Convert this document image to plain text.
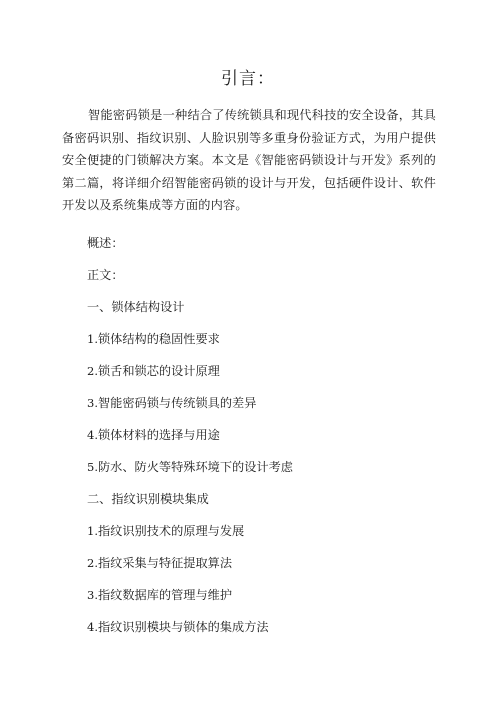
引言：

智能密码锁是一种结合了传统锁具和现代科技的安全设备，其具备密码识别、指纹识别、人脸识别等多重身份验证方式，为用户提供安全便捷的门锁解决方案。本文是《智能密码锁设计与开发》系列的第二篇，将详细介绍智能密码锁的设计与开发，包括硬件设计、软件开发以及系统集成等方面的内容。

概述：
正文：
一、锁体结构设计
1.锁体结构的稳固性要求
2.锁舌和锁芯的设计原理
3.智能密码锁与传统锁具的差异
4.锁体材料的选择与用途
5.防水、防火等特殊环境下的设计考虑
二、指纹识别模块集成
1.指纹识别技术的原理与发展
2.指纹采集与特征提取算法
3.指纹数据库的管理与维护
4.指纹识别模块与锁体的集成方法
